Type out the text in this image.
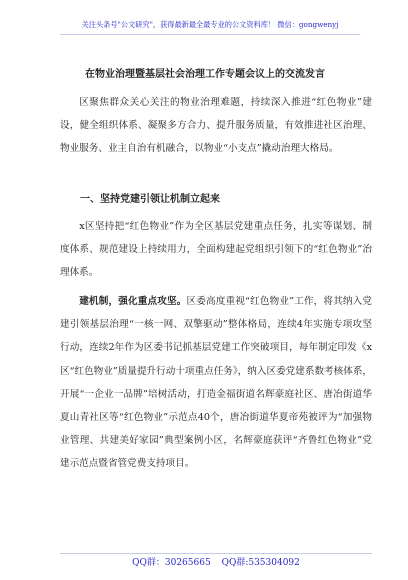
关注头条号"公文研究"，获得最新最全最专业的公文资料库！ 微信：gongwenyj
在物业治理暨基层社会治理工作专题会议上的交流发言

区聚焦群众关心关注的物业治理难题，持续深入推进“红色物业”建设，健全组织体系、凝聚多方合力、提升服务质量，有效推进社区治理、物业服务、业主自治有机融合，以物业“小支点”撬动治理大格局。

一、坚持党建引领让机制立起来

x区坚持把“红色物业”作为全区基层党建重点任务，扎实等谋划、制度体系、规范建设上持续用力，全面构建起党组织引领下的“红色物业”治理体系。

建机制，强化重点攻坚。区委高度重视“红色物业”工作，将其纳入党建引领基层治理“一核一网、双擎驱动”整体格局，连续4年实施专项攻坚行动，连续2年作为区委书记抓基层党建工作突破项目，每年制定印发《x区“红色物业”质量提升行动十项重点任务》，纳入区委党建系数考核体系，开展“一企业一品牌”培树活动，打造金福街道名辉豪庭社区、唐冶街道华夏山青社区等“红色物业”示范点40个，唐冶街道华夏帝苑被评为“加强物业管理、共建美好家园”典型案例小区，名辉豪庭获评“齐鲁红色物业”党建示范点暨省管党费支持项目。

QQ群：30265665 QQ群:535304092
